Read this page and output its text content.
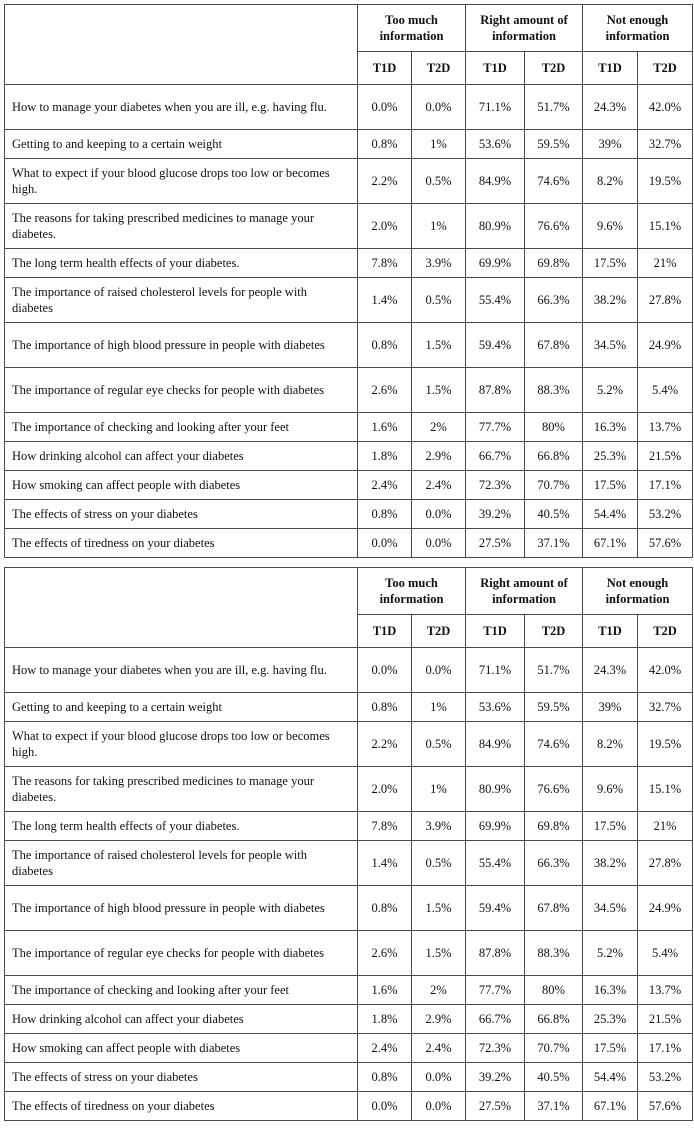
	Too much information		Right amount of information		Not enough information	
	T1D	T2D	T1D	T2D	T1D	T2D
How to manage your diabetes when you are ill, e.g. having flu.	0.0%	0.0%	71.1%	51.7%	24.3%	42.0%
Getting to and keeping to a certain weight	0.8%	1%	53.6%	59.5%	39%	32.7%
What to expect if your blood glucose drops too low or becomes high.	2.2%	0.5%	84.9%	74.6%	8.2%	19.5%
The reasons for taking prescribed medicines to manage your diabetes.	2.0%	1%	80.9%	76.6%	9.6%	15.1%
The long term health effects of your diabetes.	7.8%	3.9%	69.9%	69.8%	17.5%	21%
The importance of raised cholesterol levels for people with diabetes	1.4%	0.5%	55.4%	66.3%	38.2%	27.8%
The importance of high blood pressure in people with diabetes	0.8%	1.5%	59.4%	67.8%	34.5%	24.9%
The importance of regular eye checks for people with diabetes	2.6%	1.5%	87.8%	88.3%	5.2%	5.4%
The importance of checking and looking after your feet	1.6%	2%	77.7%	80%	16.3%	13.7%
How drinking alcohol can affect your diabetes	1.8%	2.9%	66.7%	66.8%	25.3%	21.5%
How smoking can affect people with diabetes	2.4%	2.4%	72.3%	70.7%	17.5%	17.1%
The effects of stress on your diabetes	0.8%	0.0%	39.2%	40.5%	54.4%	53.2%
The effects of tiredness on your diabetes	0.0%	0.0%	27.5%	37.1%	67.1%	57.6%
	Too much information		Right amount of information		Not enough information	
	T1D	T2D	T1D	T2D	T1D	T2D
How to manage your diabetes when you are ill, e.g. having flu.	0.0%	0.0%	71.1%	51.7%	24.3%	42.0%
Getting to and keeping to a certain weight	0.8%	1%	53.6%	59.5%	39%	32.7%
What to expect if your blood glucose drops too low or becomes high.	2.2%	0.5%	84.9%	74.6%	8.2%	19.5%
The reasons for taking prescribed medicines to manage your diabetes.	2.0%	1%	80.9%	76.6%	9.6%	15.1%
The long term health effects of your diabetes.	7.8%	3.9%	69.9%	69.8%	17.5%	21%
The importance of raised cholesterol levels for people with diabetes	1.4%	0.5%	55.4%	66.3%	38.2%	27.8%
The importance of high blood pressure in people with diabetes	0.8%	1.5%	59.4%	67.8%	34.5%	24.9%
The importance of regular eye checks for people with diabetes	2.6%	1.5%	87.8%	88.3%	5.2%	5.4%
The importance of checking and looking after your feet	1.6%	2%	77.7%	80%	16.3%	13.7%
How drinking alcohol can affect your diabetes	1.8%	2.9%	66.7%	66.8%	25.3%	21.5%
How smoking can affect people with diabetes	2.4%	2.4%	72.3%	70.7%	17.5%	17.1%
The effects of stress on your diabetes	0.8%	0.0%	39.2%	40.5%	54.4%	53.2%
The effects of tiredness on your diabetes	0.0%	0.0%	27.5%	37.1%	67.1%	57.6%
